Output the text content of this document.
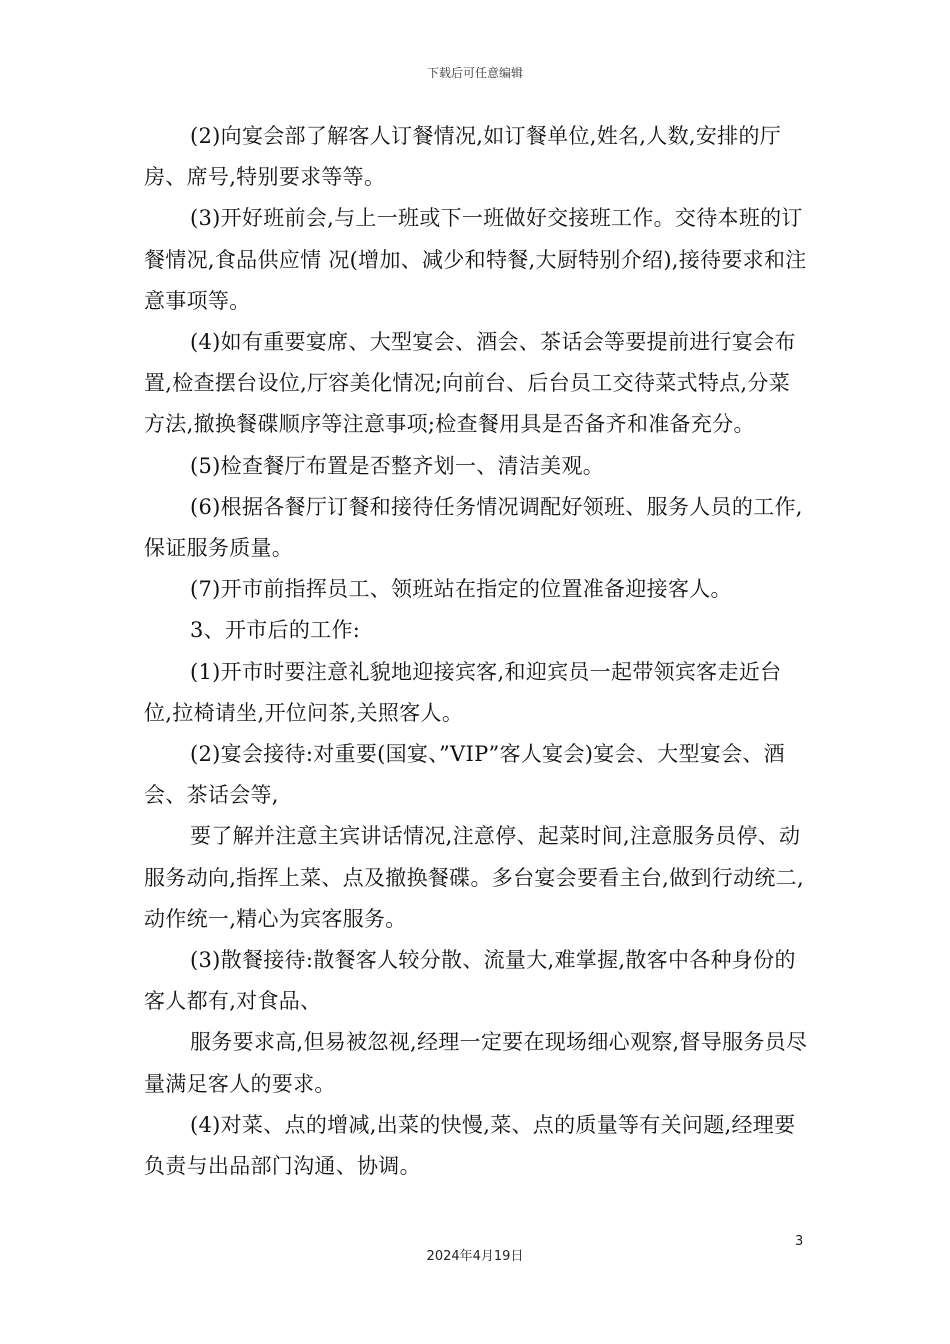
下载后可任意编辑

(2)向宴会部了解客人订餐情况,如订餐单位,姓名,人数,安排的厅房、席号,特别要求等等。

(3)开好班前会,与上一班或下一班做好交接班工作。交待本班的订餐情况,食品供应情 况(增加、减少和特餐,大厨特别介绍),接待要求和注意事项等。

(4)如有重要宴席、大型宴会、酒会、茶话会等要提前进行宴会布置,检查摆台设位,厅容美化情况;向前台、后台员工交待菜式特点,分菜方法,撤换餐碟顺序等注意事项;检查餐用具是否备齐和准备充分。

(5)检查餐厅布置是否整齐划一、清洁美观。

(6)根据各餐厅订餐和接待任务情况调配好领班、服务人员的工作,保证服务质量。

(7)开市前指挥员工、领班站在指定的位置准备迎接客人。

3、开市后的工作:

(1)开市时要注意礼貌地迎接宾客,和迎宾员一起带领宾客走近台位,拉椅请坐,开位问茶,关照客人。

(2)宴会接待:对重要(国宴、”VIP”客人宴会)宴会、大型宴会、酒会、茶话会等,

要了解并注意主宾讲话情况,注意停、起菜时间,注意服务员停、动服务动向,指挥上菜、点及撤换餐碟。多台宴会要看主台,做到行动统二,动作统一,精心为宾客服务。

(3)散餐接待:散餐客人较分散、流量大,难掌握,散客中各种身份的客人都有,对食品、

服务要求高,但易被忽视,经理一定要在现场细心观察,督导服务员尽量满足客人的要求。

(4)对菜、点的增减,出菜的快慢,菜、点的质量等有关问题,经理要负责与出品部门沟通、协调。

3
2024年4月19日
